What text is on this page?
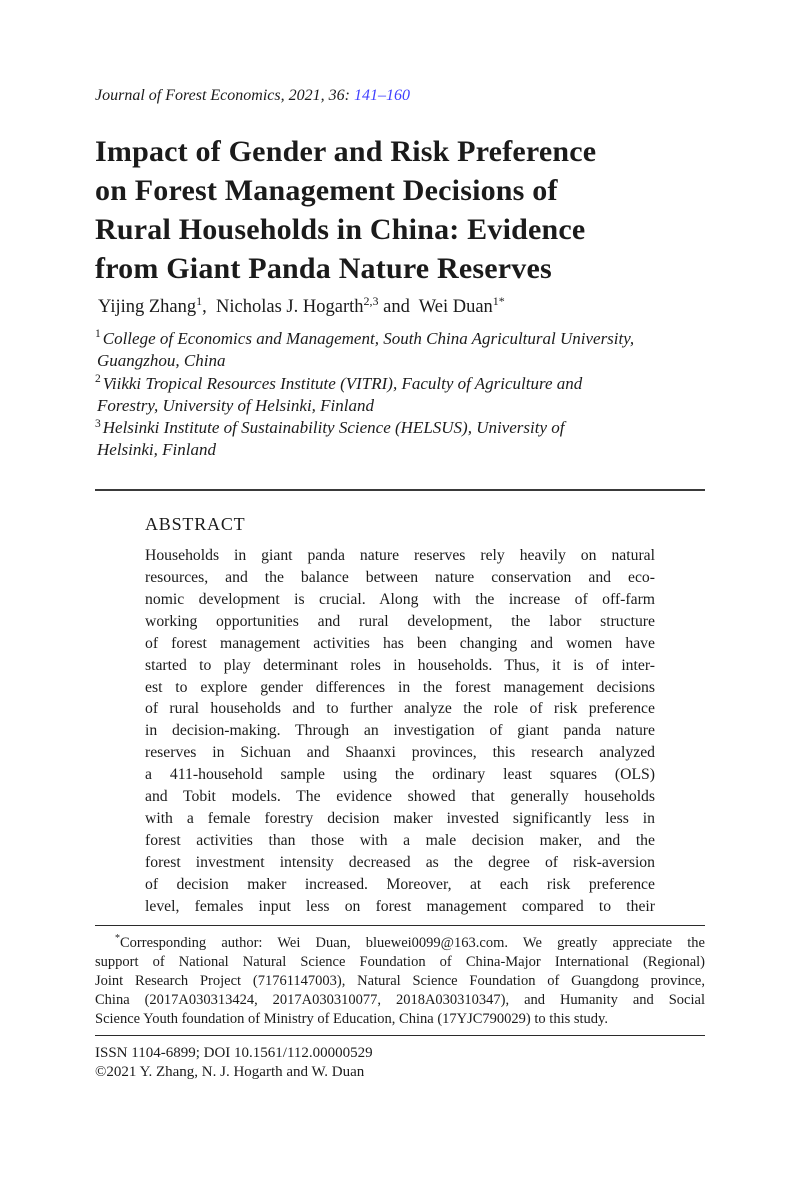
Journal of Forest Economics, 2021, 36: 141–160
Impact of Gender and Risk Preference
on Forest Management Decisions of
Rural Households in China: Evidence
from Giant Panda Nature Reserves
Yijing Zhang$^1$,  Nicholas J. Hogarth$^{2,3}$ and  Wei Duan$^{1*}$
$^1$ College of Economics and Management, South China Agricultural University,
Guangzhou, China
$^2$ Viikki Tropical Resources Institute (VITRI), Faculty of Agriculture and
Forestry, University of Helsinki, Finland
$^3$ Helsinki Institute of Sustainability Science (HELSUS), University of
Helsinki, Finland
ABSTRACT
Households in giant panda nature reserves rely heavily on natural
resources, and the balance between nature conservation and eco-
nomic development is crucial. Along with the increase of off-farm
working opportunities and rural development, the labor structure
of forest management activities has been changing and women have
started to play determinant roles in households. Thus, it is of inter-
est to explore gender differences in the forest management decisions
of rural households and to further analyze the role of risk preference
in decision-making. Through an investigation of giant panda nature
reserves in Sichuan and Shaanxi provinces, this research analyzed
a 411-household sample using the ordinary least squares (OLS)
and Tobit models. The evidence showed that generally households
with a female forestry decision maker invested significantly less in
forest activities than those with a male decision maker, and the
forest investment intensity decreased as the degree of risk-aversion
of decision maker increased. Moreover, at each risk preference
level, females input less on forest management compared to their
*Corresponding author: Wei Duan, bluewei0099@163.com. We greatly appreciate the
support of National Natural Science Foundation of China-Major International (Regional)
Joint Research Project (71761147003), Natural Science Foundation of Guangdong province,
China (2017A030313424, 2017A030310077, 2018A030310347), and Humanity and Social
Science Youth foundation of Ministry of Education, China (17YJC790029) to this study.
ISSN 1104-6899; DOI 10.1561/112.00000529
©2021 Y. Zhang, N. J. Hogarth and W. Duan
